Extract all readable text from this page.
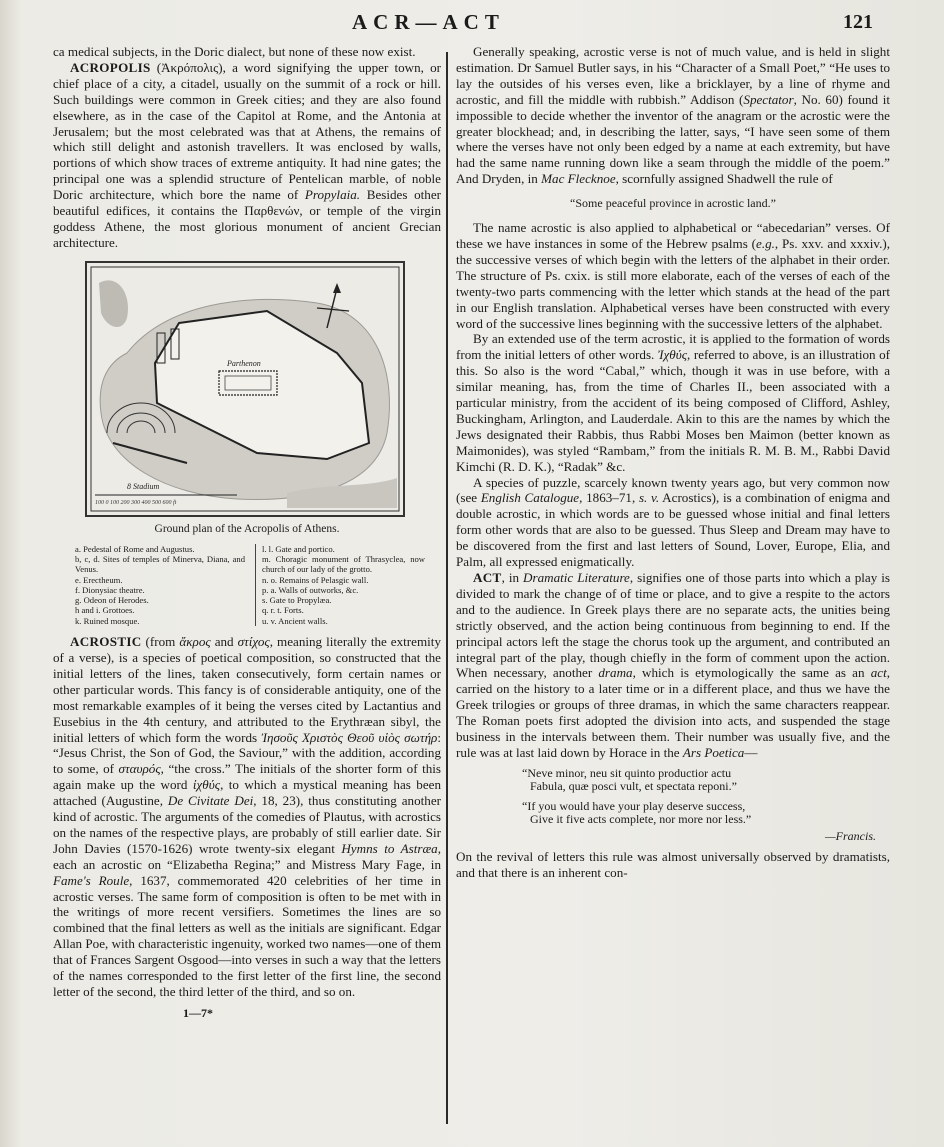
ACR—ACT	121

ca medical subjects, in the Doric dialect, but none of these now exist.

ACROPOLIS (Ἀκρόπολις), a word signifying the upper town, or chief place of a city, a citadel, usually on the summit of a rock or hill. Such buildings were common in Greek cities; and they are also found elsewhere, as in the case of the Capitol at Rome, and the Antonia at Jerusalem; but the most celebrated was that at Athens, the remains of which still delight and astonish travellers. It was enclosed by walls, portions of which show traces of extreme antiquity. It had nine gates; the principal one was a splendid structure of Pentelican marble, of noble Doric architecture, which bore the name of Propylaia. Besides other beautiful edifices, it contains the Παρθενών, or temple of the virgin goddess Athene, the most glorious monument of ancient Grecian architecture.

Parthenon
8 Stadium
100 0 100 200 300 400 500 600 ft

Ground plan of the Acropolis of Athens.

a. Pedestal of Rome and Augustus.
b, c, d. Sites of temples of Minerva, Diana, and Venus.
e. Erectheum.
f. Dionysiac theatre.
g. Odeon of Herodes.
h and i. Grottoes.
k. Ruined mosque.
l. l. Gate and portico.
m. Choragic monument of Thrasyclea, now church of our lady of the grotto.
n. o. Remains of Pelasgic wall.
p. a. Walls of outworks, &c.
s. Gate to Propylæa.
q. r. t. Forts.
u. v. Ancient walls.

ACROSTIC (from ἄκρος and στίχος, meaning literally the extremity of a verse), is a species of poetical composition, so constructed that the initial letters of the lines, taken consecutively, form certain names or other particular words. This fancy is of considerable antiquity, one of the most remarkable examples of it being the verses cited by Lactantius and Eusebius in the 4th century, and attributed to the Erythræan sibyl, the initial letters of which form the words Ἰησοῦς Χριστὸς Θεοῦ υἱὸς σωτήρ: “Jesus Christ, the Son of God, the Saviour,” with the addition, according to some, of σταυρός, “the cross.” The initials of the shorter form of this again make up the word ἰχθύς, to which a mystical meaning has been attached (Augustine, De Civitate Dei, 18, 23), thus constituting another kind of acrostic. The arguments of the comedies of Plautus, with acrostics on the names of the respective plays, are probably of still earlier date. Sir John Davies (1570-1626) wrote twenty-six elegant Hymns to Astræa, each an acrostic on “Elizabetha Regina;” and Mistress Mary Fage, in Fame's Roule, 1637, commemorated 420 celebrities of her time in acrostic verses. The same form of composition is often to be met with in the writings of more recent versifiers. Sometimes the lines are so combined that the final letters as well as the initials are significant. Edgar Allan Poe, with characteristic ingenuity, worked two names—one of them that of Frances Sargent Osgood—into verses in such a way that the letters of the names corresponded to the first letter of the first line, the second letter of the second, the third letter of the third, and so on.

1—7*

Generally speaking, acrostic verse is not of much value, and is held in slight estimation. Dr Samuel Butler says, in his “Character of a Small Poet,” “He uses to lay the outsides of his verses even, like a bricklayer, by a line of rhyme and acrostic, and fill the middle with rubbish.” Addison (Spectator, No. 60) found it impossible to decide whether the inventor of the anagram or the acrostic were the greater blockhead; and, in describing the latter, says, “I have seen some of them where the verses have not only been edged by a name at each extremity, but have had the same name running down like a seam through the middle of the poem.” And Dryden, in Mac Flecknoe, scornfully assigned Shadwell the rule of

“Some peaceful province in acrostic land.”

The name acrostic is also applied to alphabetical or “abecedarian” verses. Of these we have instances in some of the Hebrew psalms (e.g., Ps. xxv. and xxxiv.), the successive verses of which begin with the letters of the alphabet in their order. The structure of Ps. cxix. is still more elaborate, each of the verses of each of the twenty-two parts commencing with the letter which stands at the head of the part in our English translation. Alphabetical verses have been constructed with every word of the successive lines beginning with the successive letters of the alphabet.

By an extended use of the term acrostic, it is applied to the formation of words from the initial letters of other words. Ἰχθύς, referred to above, is an illustration of this. So also is the word “Cabal,” which, though it was in use before, with a similar meaning, has, from the time of Charles II., been associated with a particular ministry, from the accident of its being composed of Clifford, Ashley, Buckingham, Arlington, and Lauderdale. Akin to this are the names by which the Jews designated their Rabbis, thus Rabbi Moses ben Maimon (better known as Maimonides), was styled “Rambam,” from the initials R. M. B. M., Rabbi David Kimchi (R. D. K.), “Radak” &c.

A species of puzzle, scarcely known twenty years ago, but very common now (see English Catalogue, 1863–71, s. v. Acrostics), is a combination of enigma and double acrostic, in which words are to be guessed whose initial and final letters form other words that are also to be guessed. Thus Sleep and Dream may have to be discovered from the first and last letters of Sound, Lover, Europe, Elia, and Palm, all expressed enigmatically.

ACT, in Dramatic Literature, signifies one of those parts into which a play is divided to mark the change of of time or place, and to give a respite to the actors and to the audience. In Greek plays there are no separate acts, the unities being strictly observed, and the action being continuous from beginning to end. If the principal actors left the stage the chorus took up the argument, and contributed an integral part of the play, though chiefly in the form of comment upon the action. When necessary, another drama, which is etymologically the same as an act, carried on the history to a later time or in a different place, and thus we have the Greek trilogies or groups of three dramas, in which the same characters reappear. The Roman poets first adopted the division into acts, and suspended the stage business in the intervals between them. Their number was usually five, and the rule was at last laid down by Horace in the Ars Poetica—

“Neve minor, neu sit quinto productior actu
Fabula, quæ posci vult, et spectata reponi.”
“If you would have your play deserve success,
Give it five acts complete, nor more nor less.”
—Francis.

On the revival of letters this rule was almost universally observed by dramatists, and that there is an inherent con-
